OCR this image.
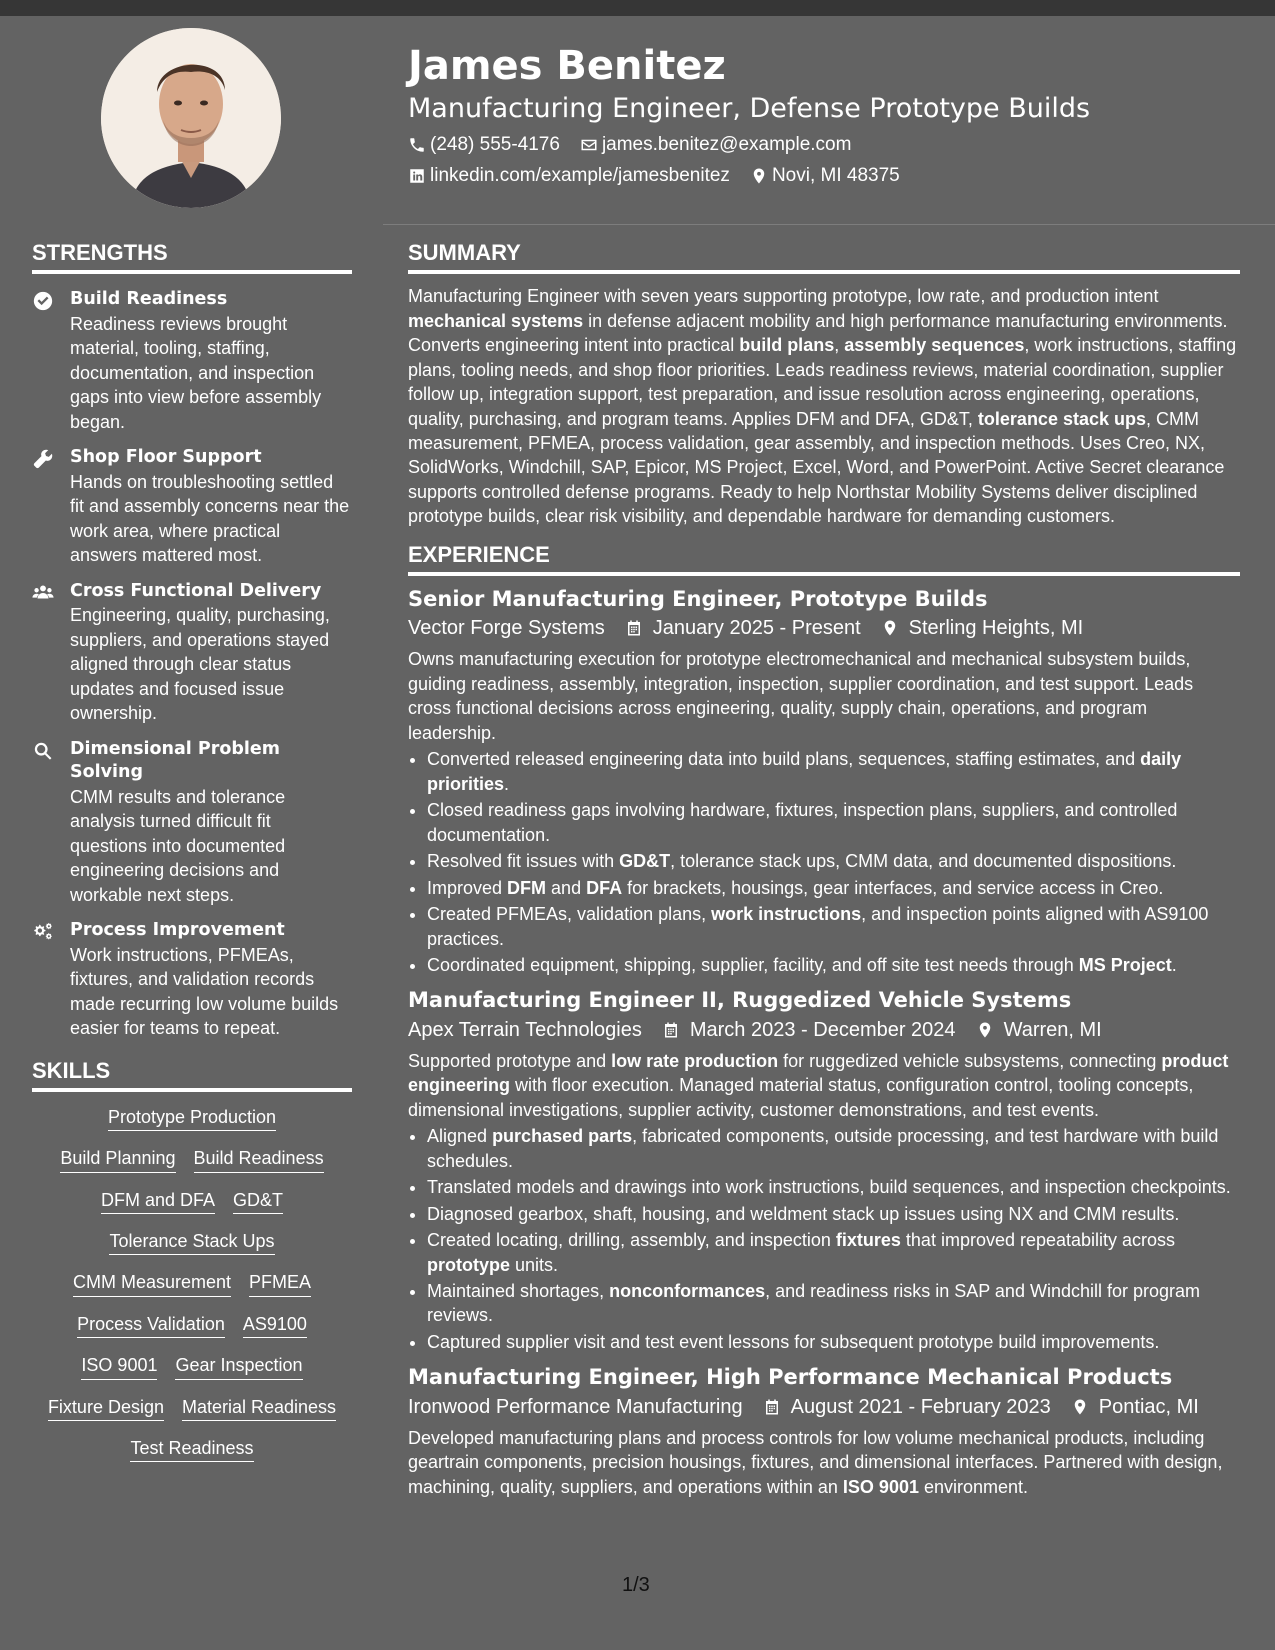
James Benitez
Manufacturing Engineer, Defense Prototype Builds
(248) 555-4176 james.benitez@example.com
linkedin.com/example/jamesbenitez Novi, MI 48375
STRENGTHS
Build Readiness
Readiness reviews brought material, tooling, staffing, documentation, and inspection gaps into view before assembly began.
Shop Floor Support
Hands on troubleshooting settled fit and assembly concerns near the work area, where practical answers mattered most.
Cross Functional Delivery
Engineering, quality, purchasing, suppliers, and operations stayed aligned through clear status updates and focused issue ownership.
Dimensional Problem Solving
CMM results and tolerance analysis turned difficult fit questions into documented engineering decisions and workable next steps.
Process Improvement
Work instructions, PFMEAs, fixtures, and validation records made recurring low volume builds easier for teams to repeat.
SKILLS
Prototype Production
Build Planning Build Readiness
DFM and DFA GD&T
Tolerance Stack Ups
CMM Measurement PFMEA
Process Validation AS9100
ISO 9001 Gear Inspection
Fixture Design Material Readiness
Test Readiness
SUMMARY

Manufacturing Engineer with seven years supporting prototype, low rate, and production intent mechanical systems in defense adjacent mobility and high performance manufacturing environments. Converts engineering intent into practical build plans, assembly sequences, work instructions, staffing plans, tooling needs, and shop floor priorities. Leads readiness reviews, material coordination, supplier follow up, integration support, test preparation, and issue resolution across engineering, operations, quality, purchasing, and program teams. Applies DFM and DFA, GD&T, tolerance stack ups, CMM measurement, PFMEA, process validation, gear assembly, and inspection methods. Uses Creo, NX, SolidWorks, Windchill, SAP, Epicor, MS Project, Excel, Word, and PowerPoint. Active Secret clearance supports controlled defense programs. Ready to help Northstar Mobility Systems deliver disciplined prototype builds, clear risk visibility, and dependable hardware for demanding customers.

EXPERIENCE
Senior Manufacturing Engineer, Prototype Builds
Vector Forge Systems January 2025 - Present Sterling Heights, MI

Owns manufacturing execution for prototype electromechanical and mechanical subsystem builds, guiding readiness, assembly, integration, inspection, supplier coordination, and test support. Leads cross functional decisions across engineering, quality, supply chain, operations, and program leadership.

• Converted released engineering data into build plans, sequences, staffing estimates, and daily priorities.
• Closed readiness gaps involving hardware, fixtures, inspection plans, suppliers, and controlled documentation.
• Resolved fit issues with GD&T, tolerance stack ups, CMM data, and documented dispositions.
• Improved DFM and DFA for brackets, housings, gear interfaces, and service access in Creo.
• Created PFMEAs, validation plans, work instructions, and inspection points aligned with AS9100 practices.
• Coordinated equipment, shipping, supplier, facility, and off site test needs through MS Project.
Manufacturing Engineer II, Ruggedized Vehicle Systems
Apex Terrain Technologies March 2023 - December 2024 Warren, MI

Supported prototype and low rate production for ruggedized vehicle subsystems, connecting product engineering with floor execution. Managed material status, configuration control, tooling concepts, dimensional investigations, supplier activity, customer demonstrations, and test events.

• Aligned purchased parts, fabricated components, outside processing, and test hardware with build schedules.
• Translated models and drawings into work instructions, build sequences, and inspection checkpoints.
• Diagnosed gearbox, shaft, housing, and weldment stack up issues using NX and CMM results.
• Created locating, drilling, assembly, and inspection fixtures that improved repeatability across prototype units.
• Maintained shortages, nonconformances, and readiness risks in SAP and Windchill for program reviews.
• Captured supplier visit and test event lessons for subsequent prototype build improvements.
Manufacturing Engineer, High Performance Mechanical Products
Ironwood Performance Manufacturing August 2021 - February 2023 Pontiac, MI

Developed manufacturing plans and process controls for low volume mechanical products, including geartrain components, precision housings, fixtures, and dimensional interfaces. Partnered with design, machining, quality, suppliers, and operations within an ISO 9001 environment.

1/3
